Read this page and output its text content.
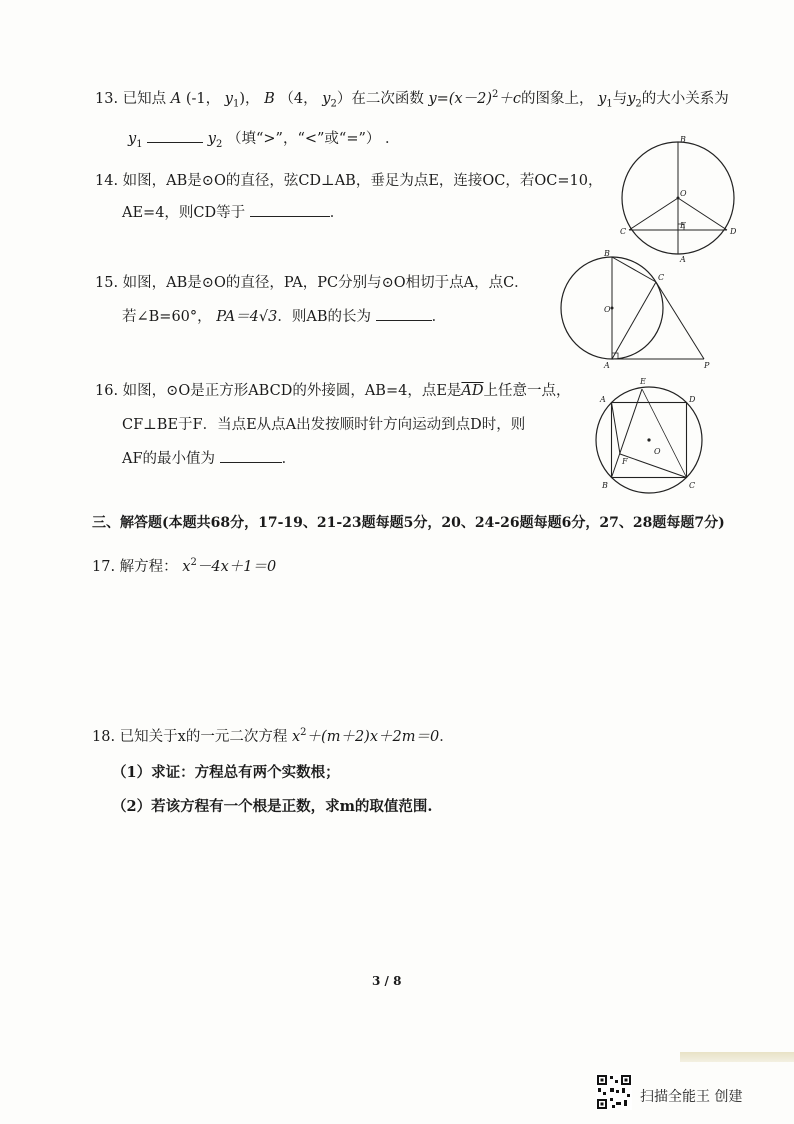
13. 已知点 A (-1， $y_1$)， B （4， $y_2$）在二次函数 $y=(x-2)^2+c$的图象上， $y_1$与$y_2$的大小关系为
$y_1$	$y_2$ （填“>”，“<”或“=”） ．
14. 如图，AB是⊙O的直径，弦CD⊥AB，垂足为点E，连接OC，若OC=10，
AE=4，则CD等于	．
B
O
C
E
D
A
15. 如图，AB是⊙O的直径，PA，PC分别与⊙O相切于点A，点C．
若∠B=60°， PA＝4√3．则AB的长为	．
B
C
O
A	P
16. 如图，⊙O是正方形ABCD的外接圆，AB=4，点E是$\overline{AD}$上任意一点，
CF⊥BE于F．当点E从点A出发按顺时针方向运动到点D时，则
AF的最小值为	．
E
A	D
O
F
B	C
三、解答题(本题共68分，17-19、21-23题每题5分，20、24-26题每题6分，27、28题每题7分)
17. 解方程： $x^2-4x+1=0$
18. 已知关于x的一元二次方程 $x^2+(m+2)x+2m=0$．
（1）求证：方程总有两个实数根；
（2）若该方程有一个根是正数，求m的取值范围.
3 / 8
扫描全能王 创建
